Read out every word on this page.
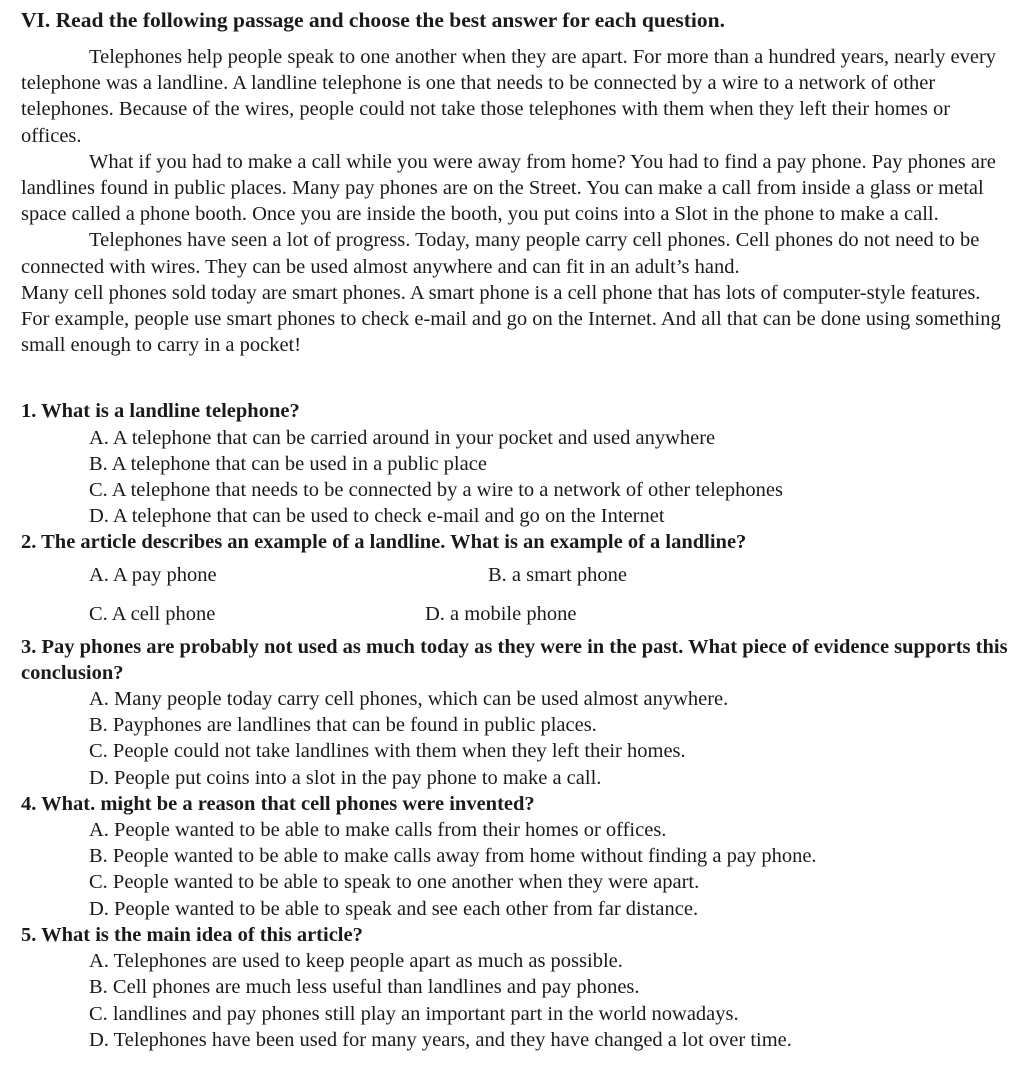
VI. Read the following passage and choose the best answer for each question.

Telephones help people speak to one another when they are apart. For more than a hundred years, nearly every telephone was a landline. A landline telephone is one that needs to be connected by a wire to a network of other telephones. Because of the wires, people could not take those telephones with them when they left their homes or offices.

What if you had to make a call while you were away from home? You had to find a pay phone. Pay phones are landlines found in public places. Many pay phones are on the Street. You can make a call from inside a glass or metal space called a phone booth. Once you are inside the booth, you put coins into a Slot in the phone to make a call.

Telephones have seen a lot of progress. Today, many people carry cell phones. Cell phones do not need to be connected with wires. They can be used almost anywhere and can fit in an adult’s hand.

Many cell phones sold today are smart phones. A smart phone is a cell phone that has lots of computer-style features. For example, people use smart phones to check e-mail and go on the Internet. And all that can be done using something small enough to carry in a pocket!

1. What is a landline telephone?
A. A telephone that can be carried around in your pocket and used anywhere
B. A telephone that can be used in a public place
C. A telephone that needs to be connected by a wire to a network of other telephones
D. A telephone that can be used to check e-mail and go on the Internet
2. The article describes an example of a landline. What is an example of a landline?
A. A pay phone	B. a smart phone
C. A cell phone	D. a mobile phone
3. Pay phones are probably not used as much today as they were in the past. What piece of evidence supports this conclusion?
A. Many people today carry cell phones, which can be used almost anywhere.
B. Payphones are landlines that can be found in public places.
C. People could not take landlines with them when they left their homes.
D. People put coins into a slot in the pay phone to make a call.
4. What. might be a reason that cell phones were invented?
A. People wanted to be able to make calls from their homes or offices.
B. People wanted to be able to make calls away from home without finding a pay phone.
C. People wanted to be able to speak to one another when they were apart.
D. People wanted to be able to speak and see each other from far distance.
5. What is the main idea of this article?
A. Telephones are used to keep people apart as much as possible.
B. Cell phones are much less useful than landlines and pay phones.
C. landlines and pay phones still play an important part in the world nowadays.
D. Telephones have been used for many years, and they have changed a lot over time.
